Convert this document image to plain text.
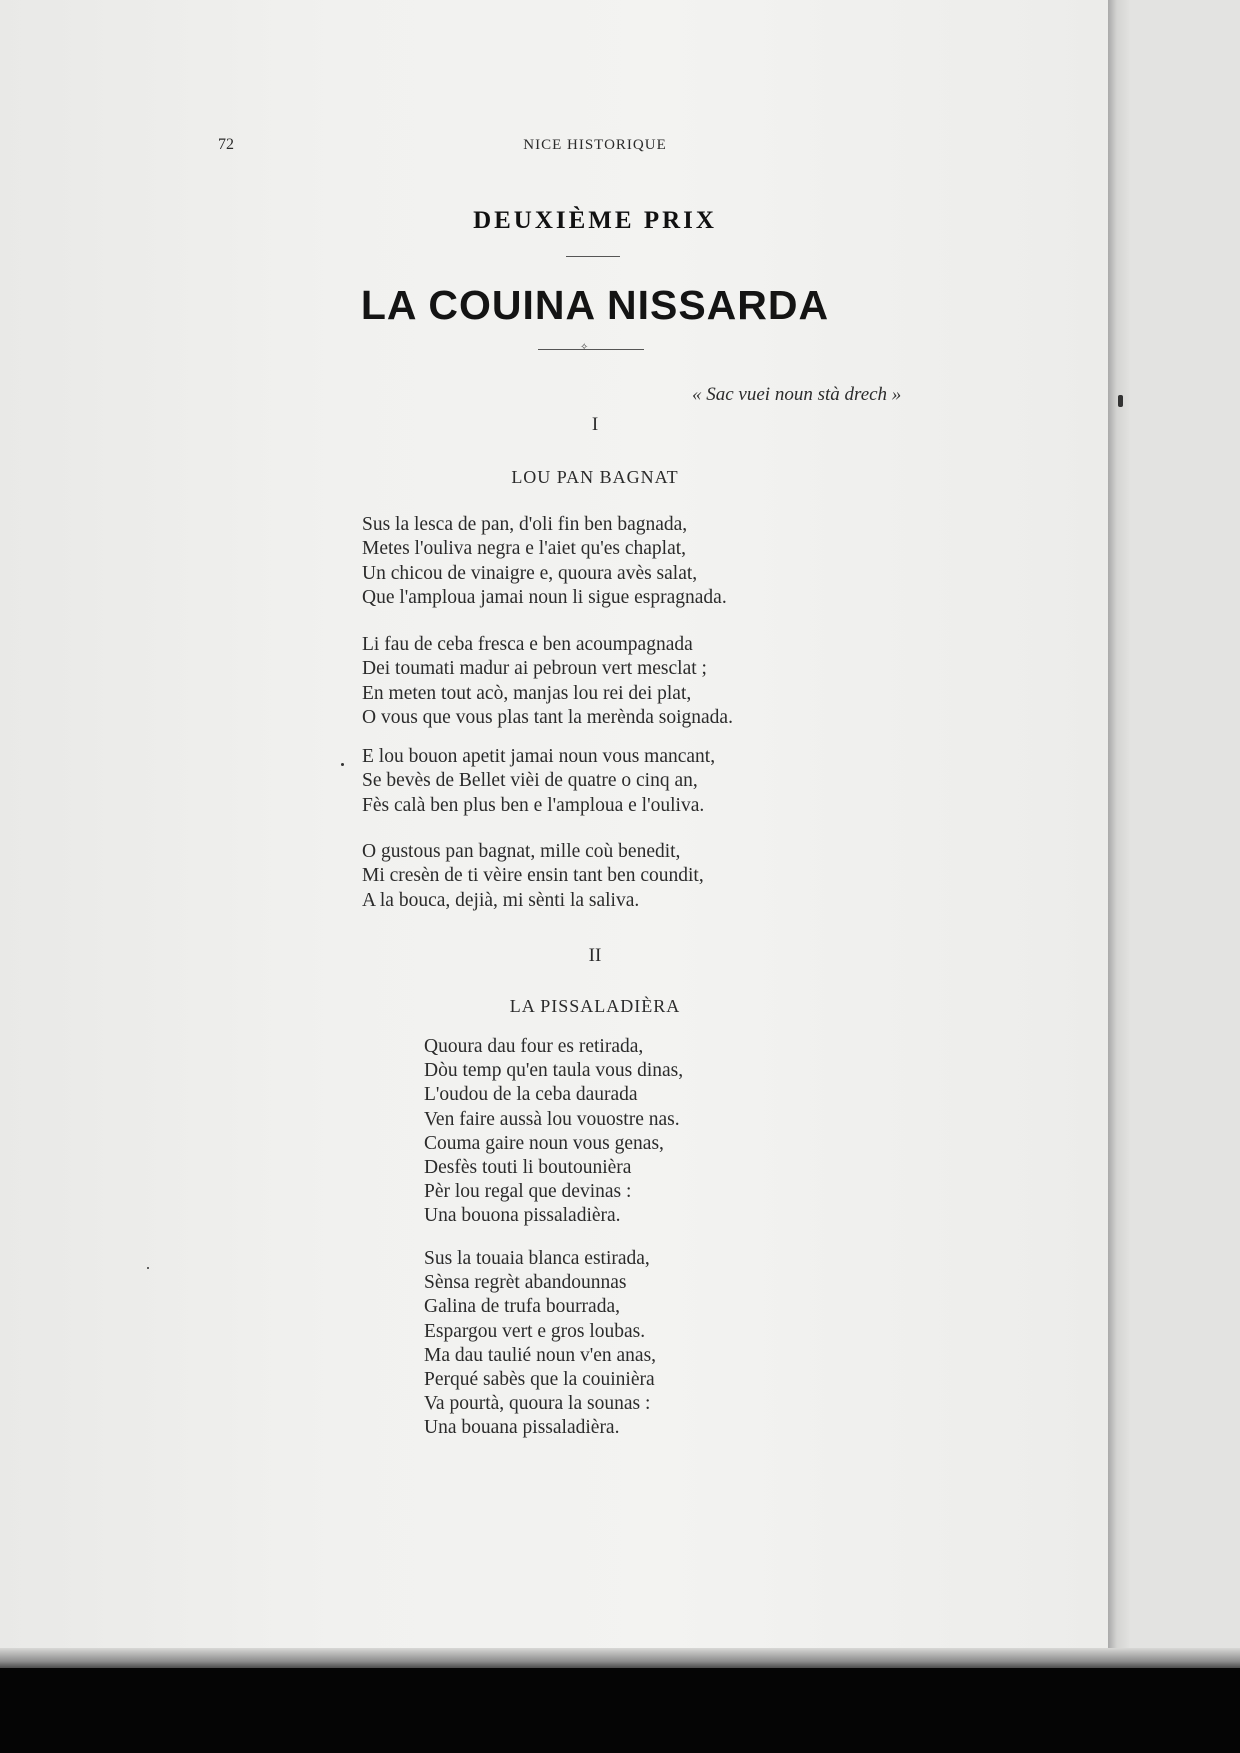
72	NICE HISTORIQUE
DEUXIÈME PRIX
LA COUINA NISSARDA
✧
« Sac vuei noun stà drech »
I
LOU PAN BAGNAT
Sus la lesca de pan, d'oli fin ben bagnada,
Metes l'ouliva negra e l'aiet qu'es chaplat,
Un chicou de vinaigre e, quoura avès salat,
Que l'amploua jamai noun li sigue espragnada.
Li fau de ceba fresca e ben acoumpagnada
Dei toumati madur ai pebroun vert mesclat ;
En meten tout acò, manjas lou rei dei plat,
O vous que vous plas tant la merènda soignada.
E lou bouon apetit jamai noun vous mancant,
Se bevès de Bellet vièi de quatre o cinq an,
Fès calà ben plus ben e l'amploua e l'ouliva.
O gustous pan bagnat, mille coù benedit,
Mi cresèn de ti vèire ensin tant ben coundit,
A la bouca, dejià, mi sènti la saliva.
II
LA PISSALADIÈRA
Quoura dau four es retirada,
Dòu temp qu'en taula vous dinas,
L'oudou de la ceba daurada
Ven faire aussà lou vouostre nas.
Couma gaire noun vous genas,
Desfès touti li boutounièra
Pèr lou regal que devinas :
Una bouona pissaladièra.
Sus la touaia blanca estirada,
Sènsa regrèt abandounnas
Galina de trufa bourrada,
Espargou vert e gros loubas.
Ma dau taulié noun v'en anas,
Perqué sabès que la couinièra
Va pourtà, quoura la sounas :
Una bouana pissaladièra.
